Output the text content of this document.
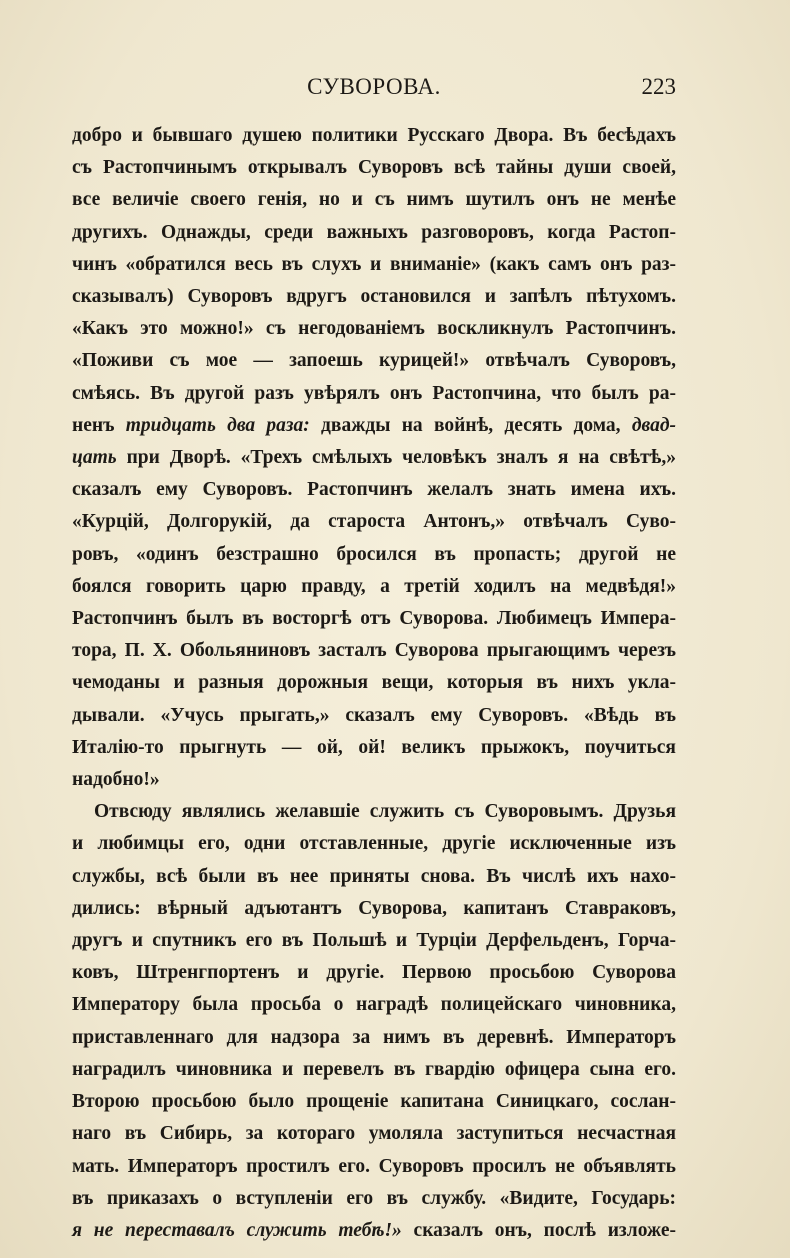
СУВОРОВА.	223
добро и бывшаго душею политики Русскаго Двора. Въ бесѣдахъ
съ Растопчинымъ открывалъ Суворовъ всѣ тайны души своей,
все величіе своего генія, но и съ нимъ шутилъ онъ не менѣе
другихъ. Однажды, среди важныхъ разговоровъ, когда Растоп-
чинъ «обратился весь въ слухъ и вниманіе» (какъ самъ онъ раз-
сказывалъ) Суворовъ вдругъ остановился и запѣлъ пѣтухомъ.
«Какъ это можно!» съ негодованіемъ воскликнулъ Растопчинъ.
«Поживи съ мое — запоешь курицей!» отвѣчалъ Суворовъ,
смѣясь. Въ другой разъ увѣрялъ онъ Растопчина, что былъ ра-
ненъ тридцать два раза: дважды на войнѣ, десять дома, двад-
цать при Дворѣ. «Трехъ смѣлыхъ человѣкъ зналъ я на свѣтѣ,»
сказалъ ему Суворовъ. Растопчинъ желалъ знать имена ихъ.
«Курцій, Долгорукій, да староста Антонъ,» отвѣчалъ Суво-
ровъ, «одинъ безстрашно бросился въ пропасть; другой не
боялся говорить царю правду, а третій ходилъ на медвѣдя!»
Растопчинъ былъ въ восторгѣ отъ Суворова. Любимецъ Импера-
тора, П. Х. Обольяниновъ засталъ Суворова прыгающимъ черезъ
чемоданы и разныя дорожныя вещи, которыя въ нихъ укла-
дывали. «Учусь прыгать,» сказалъ ему Суворовъ. «Вѣдь въ
Италію-то прыгнуть — ой, ой! великъ прыжокъ, поучиться
надобно!»
Отвсюду являлись желавшіе служить съ Суворовымъ. Друзья
и любимцы его, одни отставленные, другіе исключенные изъ
службы, всѣ были въ нее приняты снова. Въ числѣ ихъ нахо-
дились: вѣрный адъютантъ Суворова, капитанъ Ставраковъ,
другъ и спутникъ его въ Польшѣ и Турціи Дерфельденъ, Горча-
ковъ, Штренгпортенъ и другіе. Первою просьбою Суворова
Императору была просьба о наградѣ полицейскаго чиновника,
приставленнаго для надзора за нимъ въ деревнѣ. Императоръ
наградилъ чиновника и перевелъ въ гвардію офицера сына его.
Второю просьбою было прощеніе капитана Синицкаго, сослан-
наго въ Сибирь, за котораго умоляла заступиться несчастная
мать. Императоръ простилъ его. Суворовъ просилъ не объявлять
въ приказахъ о вступленіи его въ службу. «Видите, Государь:
я не переставалъ служить тебѣ!» сказалъ онъ, послѣ изложе-
